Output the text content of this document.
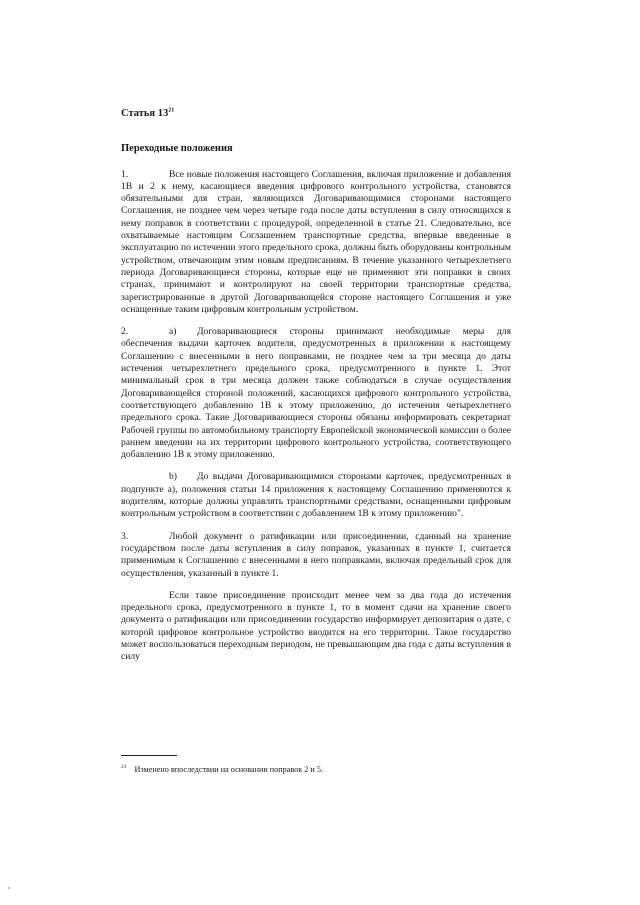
Статья $13^{21}$

Переходные положения

1.	Все новые положения настоящего Соглашения, включая приложение и добавления 1В и 2 к нему, касающиеся введения цифрового контрольного устройства, становятся обязательными для стран, являющихся Договаривающимися сторонами настоящего Соглашения, не позднее чем через четыре года после даты вступления в силу относящихся к нему поправок в соответствии с процедурой, определенной в статье 21. Следовательно, все охватываемые настоящим Соглашением транспортные средства, впервые введенные в эксплуатацию по истечении этого предельного срока, должны быть оборудованы контрольным устройством, отвечающим этим новым предписаниям. В течение указанного четырехлетнего периода Договаривающиеся стороны, которые еще не применяют эти поправки в своих странах, принимают и контролируют на своей территории транспортные средства, зарегистрированные в другой Договаривающейся стороне настоящего Соглашения и уже оснащенные таким цифровым контрольным устройством.

2.	a) Договаривающиеся стороны принимают необходимые меры для обеспечения выдачи карточек водителя, предусмотренных в приложении к настоящему Соглашению с внесенными в него поправками, не позднее чем за три месяца до даты истечения четырехлетнего предельного срока, предусмотренного в пункте 1. Этот минимальный срок в три месяца должен также соблюдаться в случае осуществления Договаривающейся стороной положений, касающихся цифрового контрольного устройства, соответствующего добавлению 1В к этому приложению, до истечения четырехлетнего предельного срока. Такие Договаривающиеся стороны обязаны информировать секретариат Рабочей группы по автомобильному транспорту Европейской экономической комиссии о более раннем введении на их территории цифрового контрольного устройства, соответствующего добавлению 1В к этому приложению.

b) До выдачи Договаривающимися сторонами карточек, предусмотренных в подпункте а), положения статьи 14 приложения к настоящему Соглашению применяются к водителям, которые должны управлять транспортными средствами, оснащенными цифровым контрольным устройством в соответствии с добавлением 1В к этому приложению".

3.	Любой документ о ратификации или присоединении, сданный на хранение государством после даты вступления в силу поправок, указанных в пункте 1, считается применимым к Соглашению с внесенными в него поправками, включая предельный срок для осуществления, указанный в пункте 1.

Если такое присоединение происходит менее чем за два года до истечения предельного срока, предусмотренного в пункте 1, то в момент сдачи на хранение своего документа о ратификации или присоединении государство информирует депозитария о дате, с которой цифровое контрольное устройство вводится на его территории. Такое государство может воспользоваться переходным периодом, не превышающим два года с даты вступления в силу

$^{21}$ Изменено впоследствии на основании поправок 2 и 5.
